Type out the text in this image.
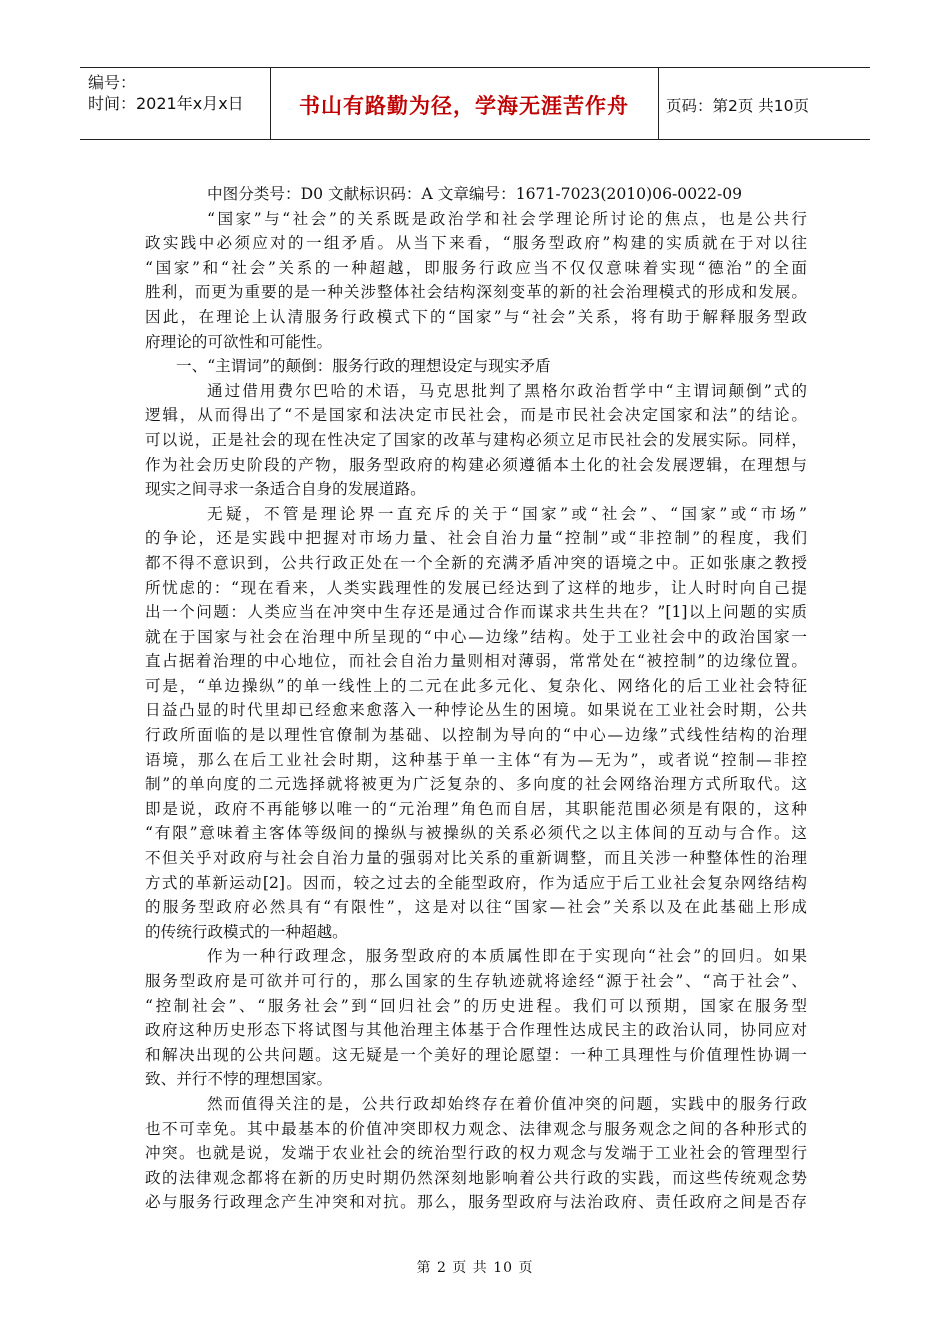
编号：
时间：2021年x月x日	书山有路勤为径，学海无涯苦作舟	页码：第2页 共10页
中图分类号：D0 文献标识码：A 文章编号：1671-7023(2010)06-0022-09
“国家”与“社会”的关系既是政治学和社会学理论所讨论的焦点，也是公共行
政实践中必须应对的一组矛盾。从当下来看，“服务型政府”构建的实质就在于对以往
“国家”和“社会”关系的一种超越，即服务行政应当不仅仅意味着实现“德治”的全面
胜利，而更为重要的是一种关涉整体社会结构深刻变革的新的社会治理模式的形成和发展。
因此，在理论上认清服务行政模式下的“国家”与“社会”关系，将有助于解释服务型政
府理论的可欲性和可能性。
一、“主谓词”的颠倒：服务行政的理想设定与现实矛盾
通过借用费尔巴哈的术语，马克思批判了黑格尔政治哲学中“主谓词颠倒”式的
逻辑，从而得出了“不是国家和法决定市民社会，而是市民社会决定国家和法”的结论。
可以说，正是社会的现在性决定了国家的改革与建构必须立足市民社会的发展实际。同样，
作为社会历史阶段的产物，服务型政府的构建必须遵循本土化的社会发展逻辑，在理想与
现实之间寻求一条适合自身的发展道路。
无疑，不管是理论界一直充斥的关于“国家”或“社会”、“国家”或“市场”
的争论，还是实践中把握对市场力量、社会自治力量“控制”或“非控制”的程度，我们
都不得不意识到，公共行政正处在一个全新的充满矛盾冲突的语境之中。正如张康之教授
所忧虑的：“现在看来，人类实践理性的发展已经达到了这样的地步，让人时时向自己提
出一个问题：人类应当在冲突中生存还是通过合作而谋求共生共在？”[1]以上问题的实质
就在于国家与社会在治理中所呈现的“中心—边缘”结构。处于工业社会中的政治国家一
直占据着治理的中心地位，而社会自治力量则相对薄弱，常常处在“被控制”的边缘位置。
可是，“单边操纵”的单一线性上的二元在此多元化、复杂化、网络化的后工业社会特征
日益凸显的时代里却已经愈来愈落入一种悖论丛生的困境。如果说在工业社会时期，公共
行政所面临的是以理性官僚制为基础、以控制为导向的“中心—边缘”式线性结构的治理
语境，那么在后工业社会时期，这种基于单一主体“有为—无为”，或者说“控制—非控
制”的单向度的二元选择就将被更为广泛复杂的、多向度的社会网络治理方式所取代。这
即是说，政府不再能够以唯一的“元治理”角色而自居，其职能范围必须是有限的，这种
“有限”意味着主客体等级间的操纵与被操纵的关系必须代之以主体间的互动与合作。这
不但关乎对政府与社会自治力量的强弱对比关系的重新调整，而且关涉一种整体性的治理
方式的革新运动[2]。因而，较之过去的全能型政府，作为适应于后工业社会复杂网络结构
的服务型政府必然具有“有限性”，这是对以往“国家—社会”关系以及在此基础上形成
的传统行政模式的一种超越。
作为一种行政理念，服务型政府的本质属性即在于实现向“社会”的回归。如果
服务型政府是可欲并可行的，那么国家的生存轨迹就将途经“源于社会”、“高于社会”、
“控制社会”、“服务社会”到“回归社会”的历史进程。我们可以预期，国家在服务型
政府这种历史形态下将试图与其他治理主体基于合作理性达成民主的政治认同，协同应对
和解决出现的公共问题。这无疑是一个美好的理论愿望：一种工具理性与价值理性协调一
致、并行不悖的理想国家。
然而值得关注的是，公共行政却始终存在着价值冲突的问题，实践中的服务行政
也不可幸免。其中最基本的价值冲突即权力观念、法律观念与服务观念之间的各种形式的
冲突。也就是说，发端于农业社会的统治型行政的权力观念与发端于工业社会的管理型行
政的法律观念都将在新的历史时期仍然深刻地影响着公共行政的实践，而这些传统观念势
必与服务行政理念产生冲突和对抗。那么，服务型政府与法治政府、责任政府之间是否存
第 2 页 共 10 页
